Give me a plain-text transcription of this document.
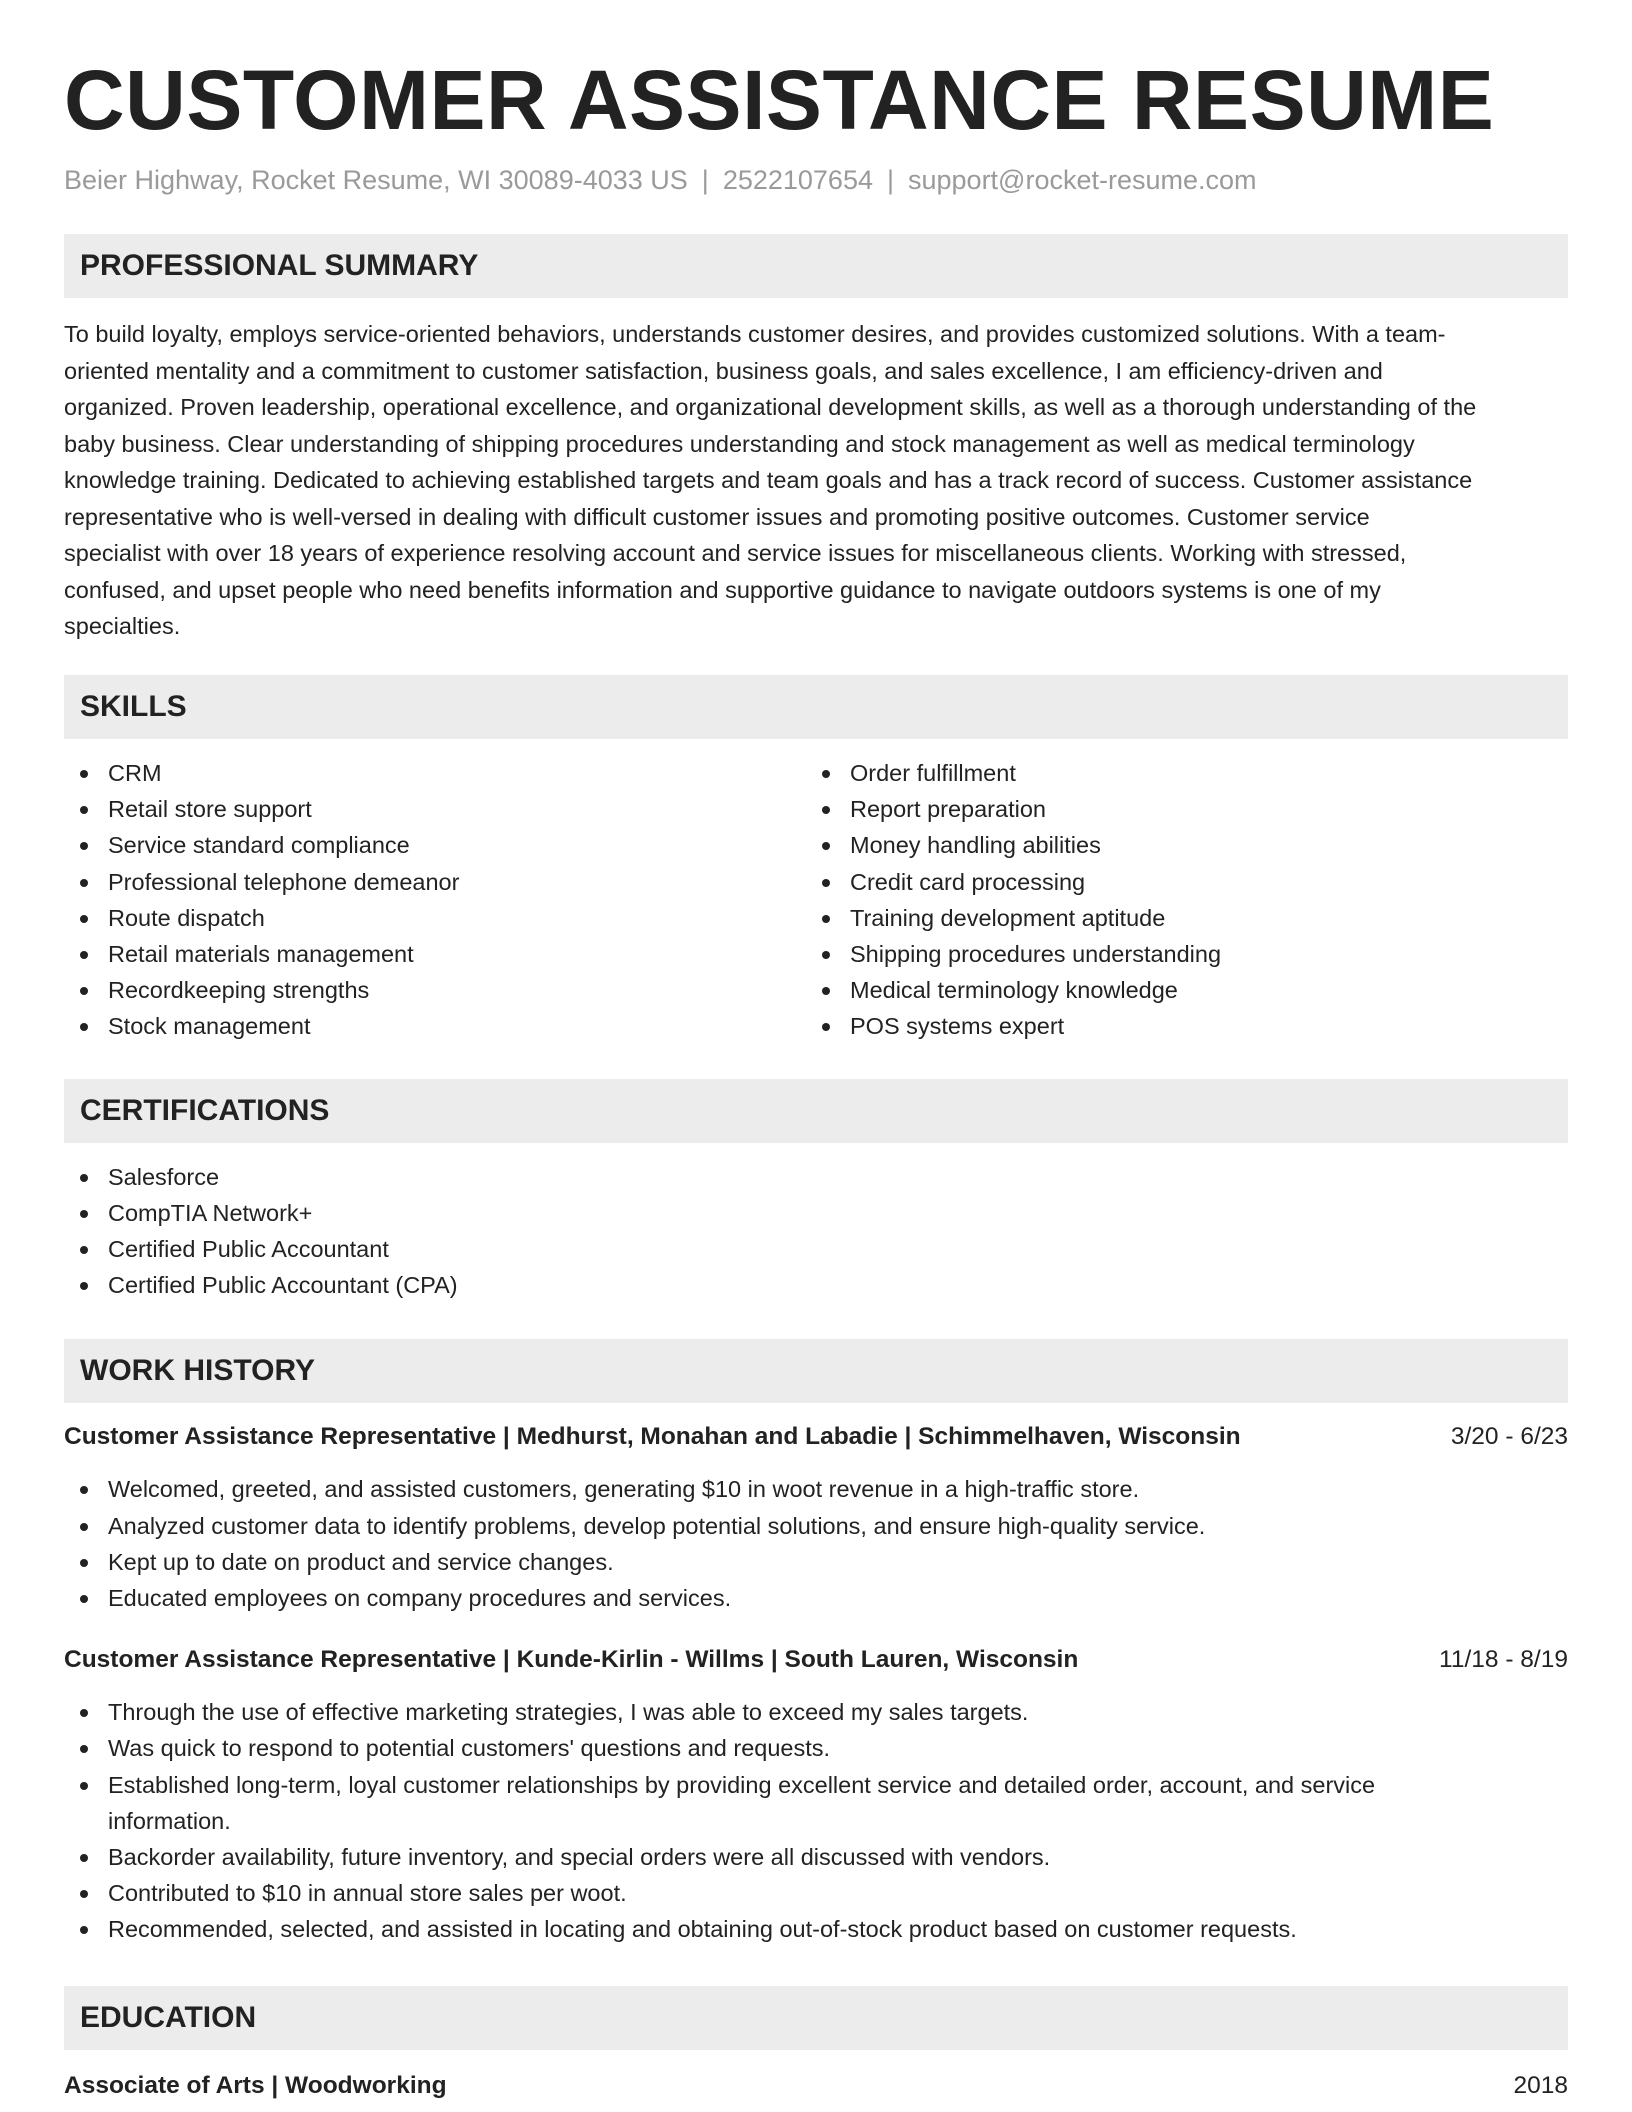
CUSTOMER ASSISTANCE RESUME
Beier Highway, Rocket Resume, WI 30089-4033 US | 2522107654 | support@rocket-resume.com
PROFESSIONAL SUMMARY
To build loyalty, employs service-oriented behaviors, understands customer desires, and provides customized solutions. With a team-
oriented mentality and a commitment to customer satisfaction, business goals, and sales excellence, I am efficiency-driven and
organized. Proven leadership, operational excellence, and organizational development skills, as well as a thorough understanding of the
baby business. Clear understanding of shipping procedures understanding and stock management as well as medical terminology
knowledge training. Dedicated to achieving established targets and team goals and has a track record of success. Customer assistance
representative who is well-versed in dealing with difficult customer issues and promoting positive outcomes. Customer service
specialist with over 18 years of experience resolving account and service issues for miscellaneous clients. Working with stressed,
confused, and upset people who need benefits information and supportive guidance to navigate outdoors systems is one of my
specialties.
SKILLS
CRM
Retail store support
Service standard compliance
Professional telephone demeanor
Route dispatch
Retail materials management
Recordkeeping strengths
Stock management
Order fulfillment
Report preparation
Money handling abilities
Credit card processing
Training development aptitude
Shipping procedures understanding
Medical terminology knowledge
POS systems expert
CERTIFICATIONS
Salesforce
CompTIA Network+
Certified Public Accountant
Certified Public Accountant (CPA)
WORK HISTORY
Customer Assistance Representative | Medhurst, Monahan and Labadie | Schimmelhaven, Wisconsin	3/20 - 6/23
Welcomed, greeted, and assisted customers, generating $10 in woot revenue in a high-traffic store.
Analyzed customer data to identify problems, develop potential solutions, and ensure high-quality service.
Kept up to date on product and service changes.
Educated employees on company procedures and services.
Customer Assistance Representative | Kunde-Kirlin - Willms | South Lauren, Wisconsin	11/18 - 8/19
Through the use of effective marketing strategies, I was able to exceed my sales targets.
Was quick to respond to potential customers' questions and requests.
Established long-term, loyal customer relationships by providing excellent service and detailed order, account, and service
information.
Backorder availability, future inventory, and special orders were all discussed with vendors.
Contributed to $10 in annual store sales per woot.
Recommended, selected, and assisted in locating and obtaining out-of-stock product based on customer requests.
EDUCATION
Associate of Arts | Woodworking	2018
